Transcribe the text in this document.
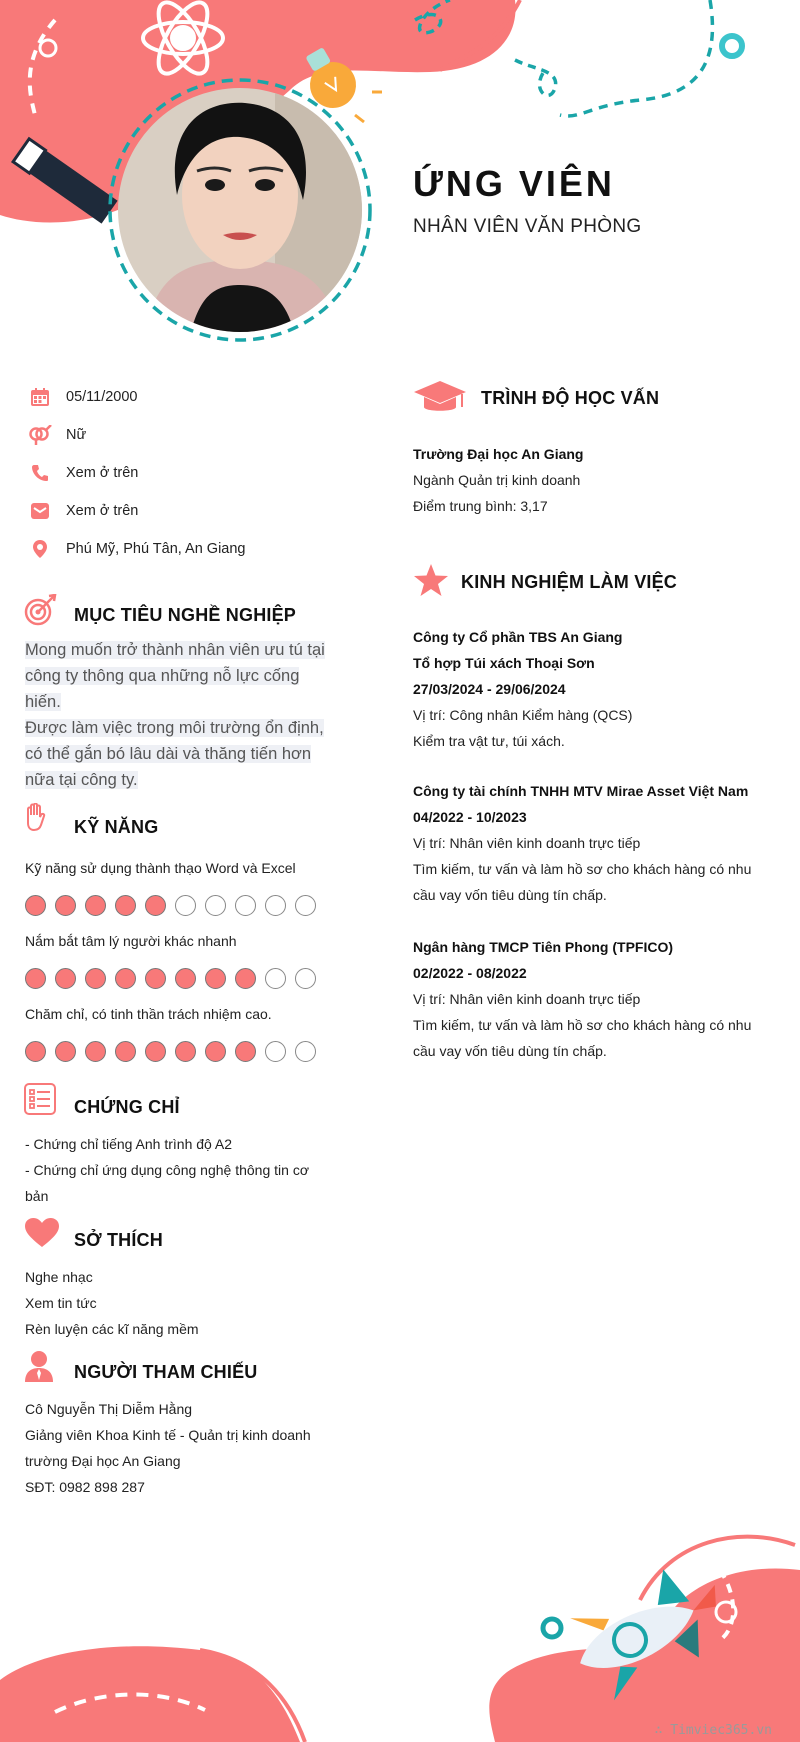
ỨNG VIÊN
NHÂN VIÊN VĂN PHÒNG
05/11/2000
Nữ
Xem ở trên
Xem ở trên
Phú Mỹ, Phú Tân, An Giang
MỤC TIÊU NGHỀ NGHIỆP
Mong muốn trở thành nhân viên ưu tú tại
công ty thông qua những nỗ lực cống
hiến.
Được làm việc trong môi trường ổn định,
có thể gắn bó lâu dài và thăng tiến hơn
nữa tại công ty.
KỸ NĂNG
Kỹ năng sử dụng thành thạo Word và Excel
Nắm bắt tâm lý người khác nhanh
Chăm chỉ, có tinh thần trách nhiệm cao.
CHỨNG CHỈ
- Chứng chỉ tiếng Anh trình độ A2
- Chứng chỉ ứng dụng công nghệ thông tin cơ
bản
SỞ THÍCH
Nghe nhạc
Xem tin tức
Rèn luyện các kĩ năng mềm
NGƯỜI THAM CHIẾU
Cô Nguyễn Thị Diễm Hằng
Giảng viên Khoa Kinh tế - Quản trị kinh doanh
trường Đại học An Giang
SĐT: 0982 898 287
TRÌNH ĐỘ HỌC VẤN
Trường Đại học An Giang
Ngành Quản trị kinh doanh
Điểm trung bình: 3,17
KINH NGHIỆM LÀM VIỆC
Công ty Cổ phần TBS An Giang
Tổ hợp Túi xách Thoại Sơn
27/03/2024 - 29/06/2024
Vị trí: Công nhân Kiểm hàng (QCS)
Kiểm tra vật tư, túi xách.
Công ty tài chính TNHH MTV Mirae Asset Việt Nam
04/2022 - 10/2023
Vị trí: Nhân viên kinh doanh trực tiếp
Tìm kiếm, tư vấn và làm hồ sơ cho khách hàng có nhu
cầu vay vốn tiêu dùng tín chấp.
Ngân hàng TMCP Tiên Phong (TPFICO)
02/2022 - 08/2022
Vị trí: Nhân viên kinh doanh trực tiếp
Tìm kiếm, tư vấn và làm hồ sơ cho khách hàng có nhu
cầu vay vốn tiêu dùng tín chấp.
∴ Timviec365.vn
